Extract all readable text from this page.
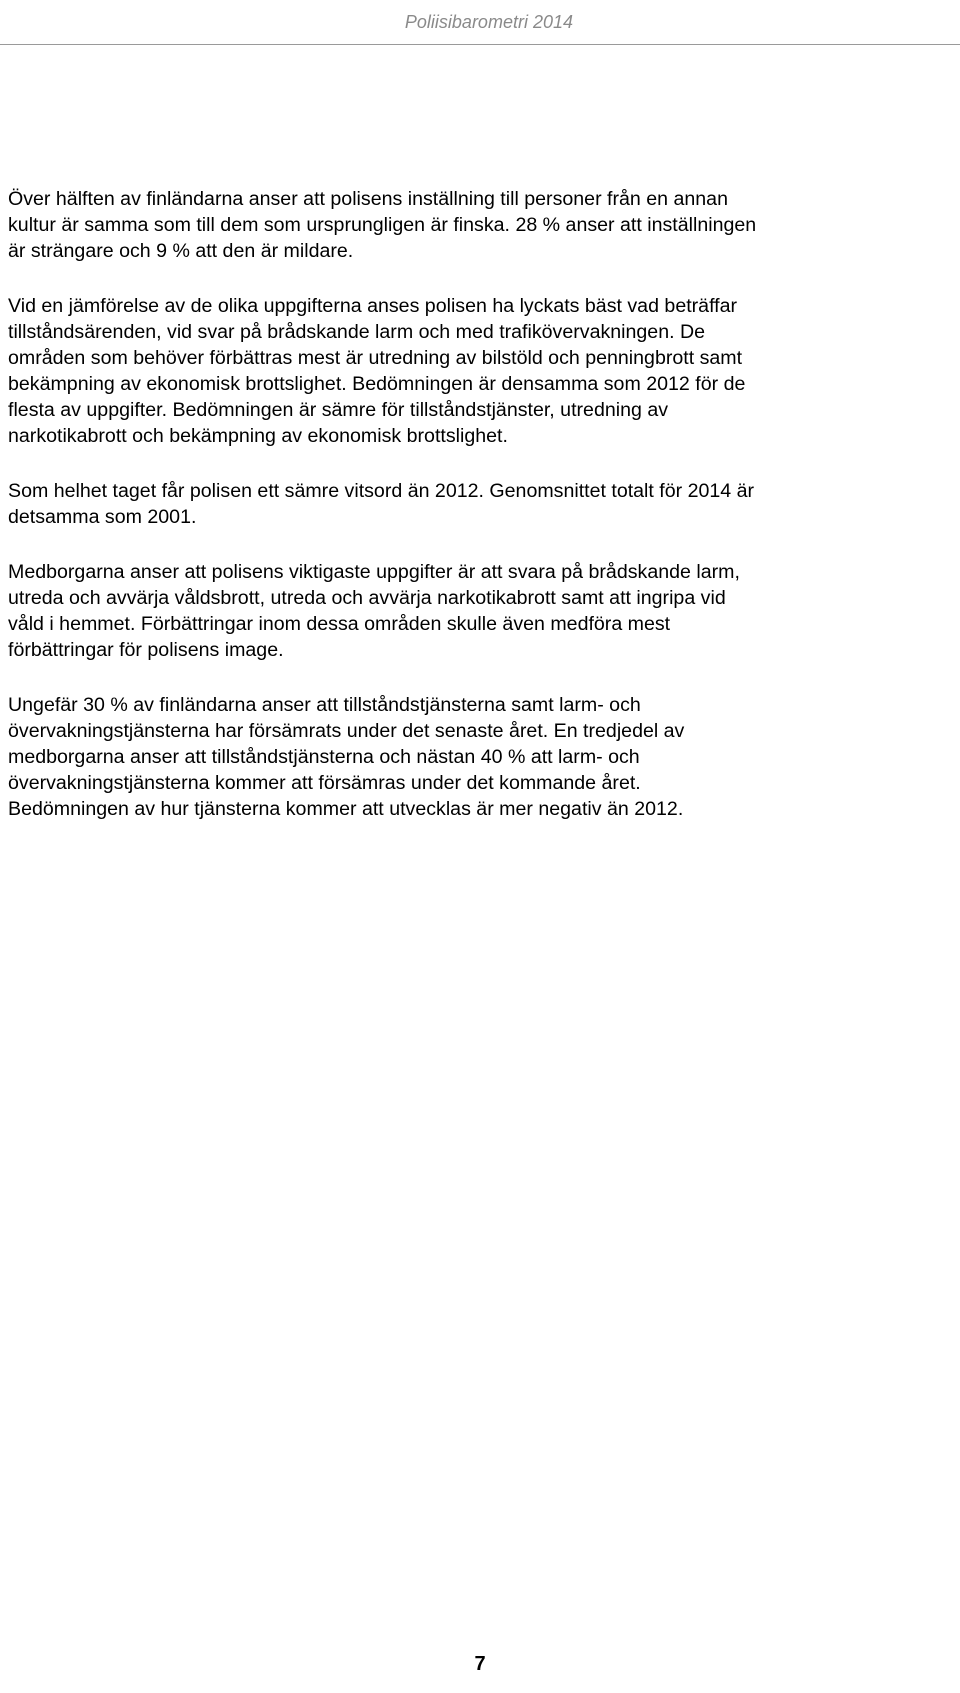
Poliisibarometri 2014

Över hälften av finländarna anser att polisens inställning till personer från en annan
kultur är samma som till dem som ursprungligen är finska. 28 % anser att inställningen
är strängare och 9 % att den är mildare.

Vid en jämförelse av de olika uppgifterna anses polisen ha lyckats bäst vad beträffar
tillståndsärenden, vid svar på brådskande larm och med trafikövervakningen. De
områden som behöver förbättras mest är utredning av bilstöld och penningbrott samt
bekämpning av ekonomisk brottslighet. Bedömningen är densamma som 2012 för de
flesta av uppgifter. Bedömningen är sämre för tillståndstjänster, utredning av
narkotikabrott och bekämpning av ekonomisk brottslighet.

Som helhet taget får polisen ett sämre vitsord än 2012. Genomsnittet totalt för 2014 är
detsamma som 2001.

Medborgarna anser att polisens viktigaste uppgifter är att svara på brådskande larm,
utreda och avvärja våldsbrott, utreda och avvärja narkotikabrott samt att ingripa vid
våld i hemmet. Förbättringar inom dessa områden skulle även medföra mest
förbättringar för polisens image.

Ungefär 30 % av finländarna anser att tillståndstjänsterna samt larm- och
övervakningstjänsterna har försämrats under det senaste året. En tredjedel av
medborgarna anser att tillståndstjänsterna och nästan 40 % att larm- och
övervakningstjänsterna kommer att försämras under det kommande året.
Bedömningen av hur tjänsterna kommer att utvecklas är mer negativ än 2012.

7
